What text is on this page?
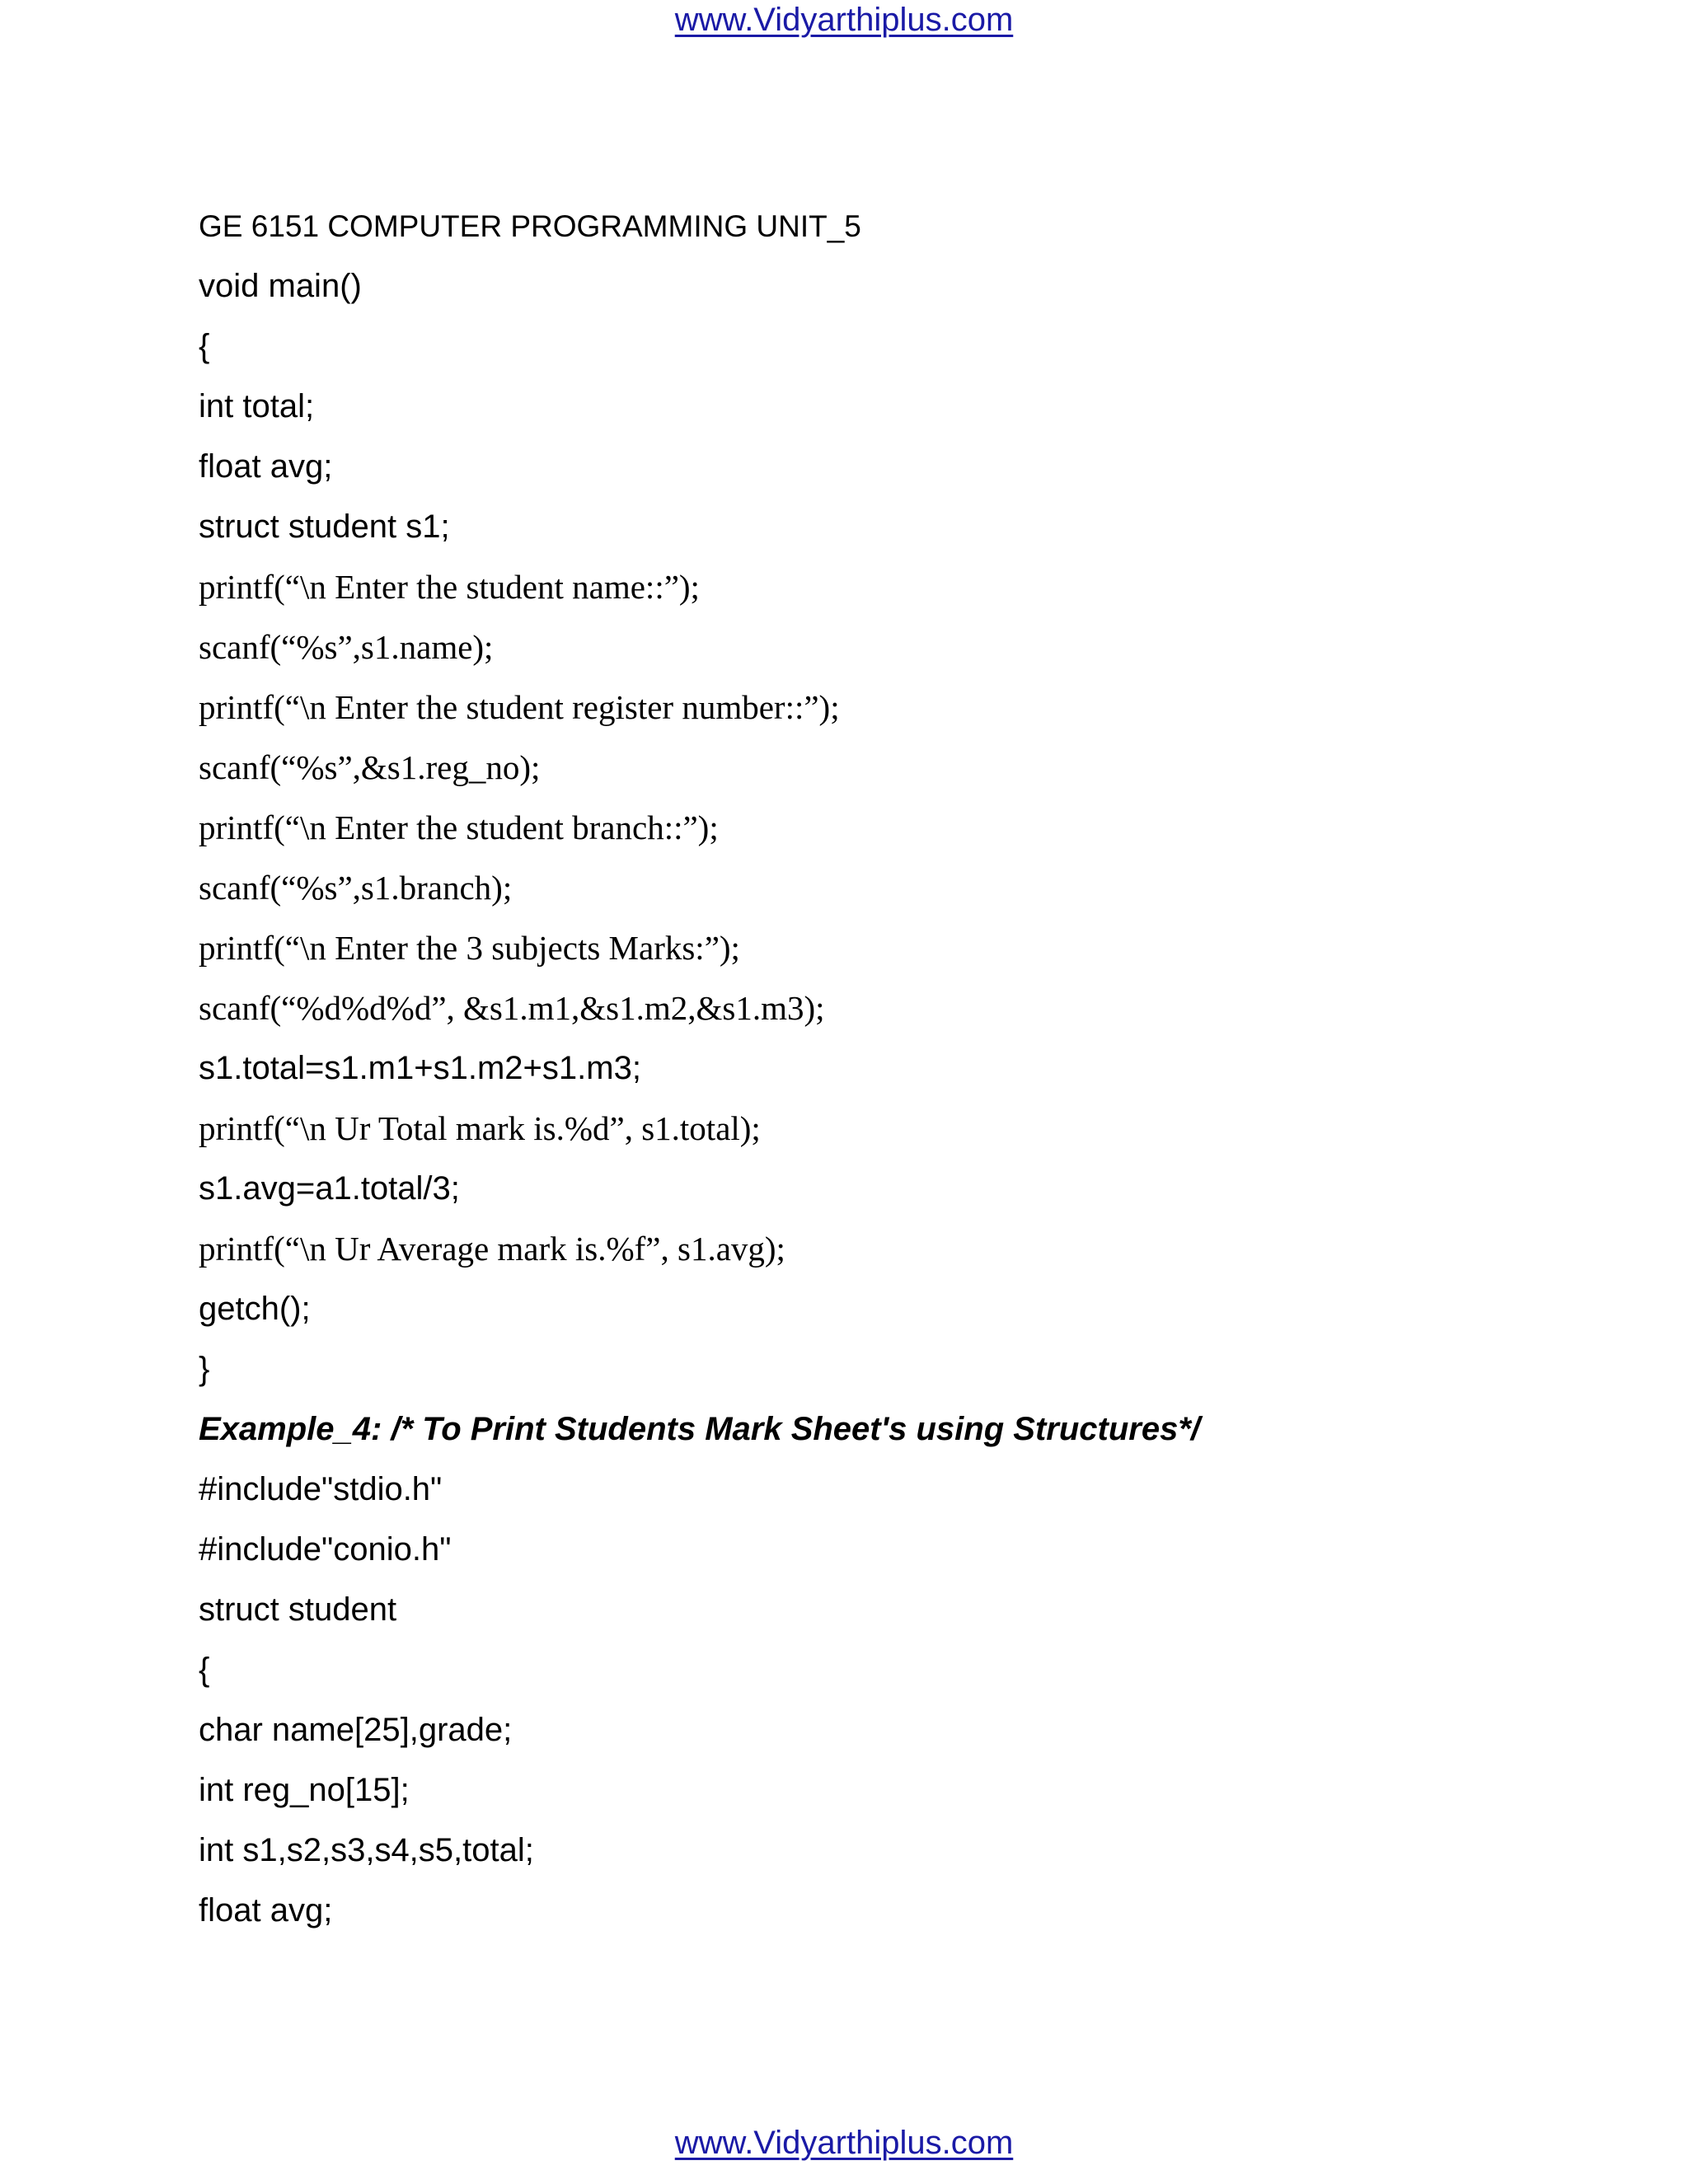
www.Vidyarthiplus.com
GE 6151 COMPUTER PROGRAMMING UNIT_5
void main()
{
int total;
float avg;
struct student s1;
printf(“\n Enter the student name::”);
scanf(“%s”,s1.name);
printf(“\n Enter the student register number::”);
scanf(“%s”,&s1.reg_no);
printf(“\n Enter the student branch::”);
scanf(“%s”,s1.branch);
printf(“\n Enter the 3 subjects Marks:”);
scanf(“%d%d%d”, &s1.m1,&s1.m2,&s1.m3);
s1.total=s1.m1+s1.m2+s1.m3;
printf(“\n Ur Total mark is.%d”, s1.total);
s1.avg=a1.total/3;
printf(“\n Ur Average mark is.%f”, s1.avg);
getch();
}
Example_4: /* To Print Students Mark Sheet's using Structures*/
#include"stdio.h"
#include"conio.h"
struct student
{
char name[25],grade;
int reg_no[15];
int s1,s2,s3,s4,s5,total;
float avg;
www.Vidyarthiplus.com
